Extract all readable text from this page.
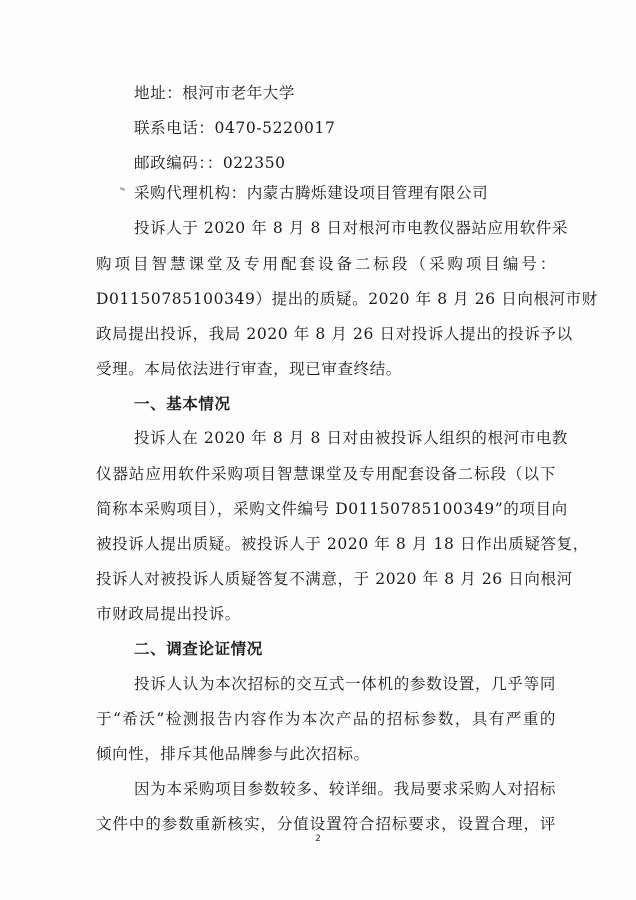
地址：根河市老年大学
联系电话：0470-5220017
邮政编码：：022350
采购代理机构：内蒙古腾烁建设项目管理有限公司
投诉人于 2020 年 8 月 8 日对根河市电教仪器站应用软件采
购项目智慧课堂及专用配套设备二标段（采购项目编号：
D01150785100349）提出的质疑。2020 年 8 月 26 日向根河市财
政局提出投诉，我局 2020 年 8 月 26 日对投诉人提出的投诉予以
受理。本局依法进行审查，现已审查终结。
一、基本情况
投诉人在 2020 年 8 月 8 日对由被投诉人组织的根河市电教
仪器站应用软件采购项目智慧课堂及专用配套设备二标段（以下
简称本采购项目），采购文件编号 D01150785100349”的项目向
被投诉人提出质疑。被投诉人于 2020 年 8 月 18 日作出质疑答复，
投诉人对被投诉人质疑答复不满意，于 2020 年 8 月 26 日向根河
市财政局提出投诉。
二、调查论证情况
投诉人认为本次招标的交互式一体机的参数设置，几乎等同
于“希沃”检测报告内容作为本次产品的招标参数，具有严重的
倾向性，排斥其他品牌参与此次招标。
因为本采购项目参数较多、较详细。我局要求采购人对招标
文件中的参数重新核实，分值设置符合招标要求，设置合理，评
2
